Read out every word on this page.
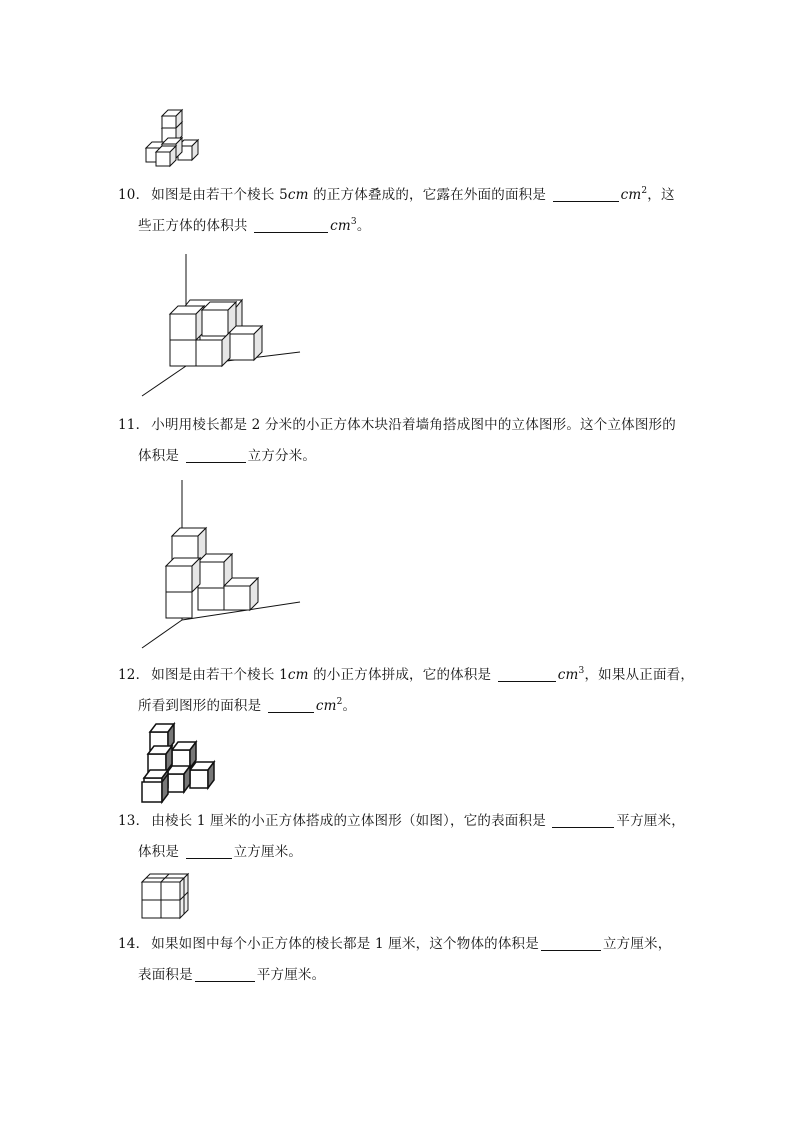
10． 如图是由若干个棱长 5cm 的正方体叠成的，它露在外面的面积是	$cm^2$，这
些正方体的体积共	$cm^3$。
11． 小明用棱长都是 2 分米的小正方体木块沿着墙角搭成图中的立体图形。这个立体图形的
体积是	立方分米。
12． 如图是由若干个棱长 1cm 的小正方体拼成，它的体积是	$cm^3$，如果从正面看，
所看到图形的面积是	$cm^2$。
13． 由棱长 1 厘米的小正方体搭成的立体图形（如图），它的表面积是	平方厘米，
体积是	立方厘米。
14． 如果如图中每个小正方体的棱长都是 1 厘米，这个物体的体积是	立方厘米，
表面积是	平方厘米。
